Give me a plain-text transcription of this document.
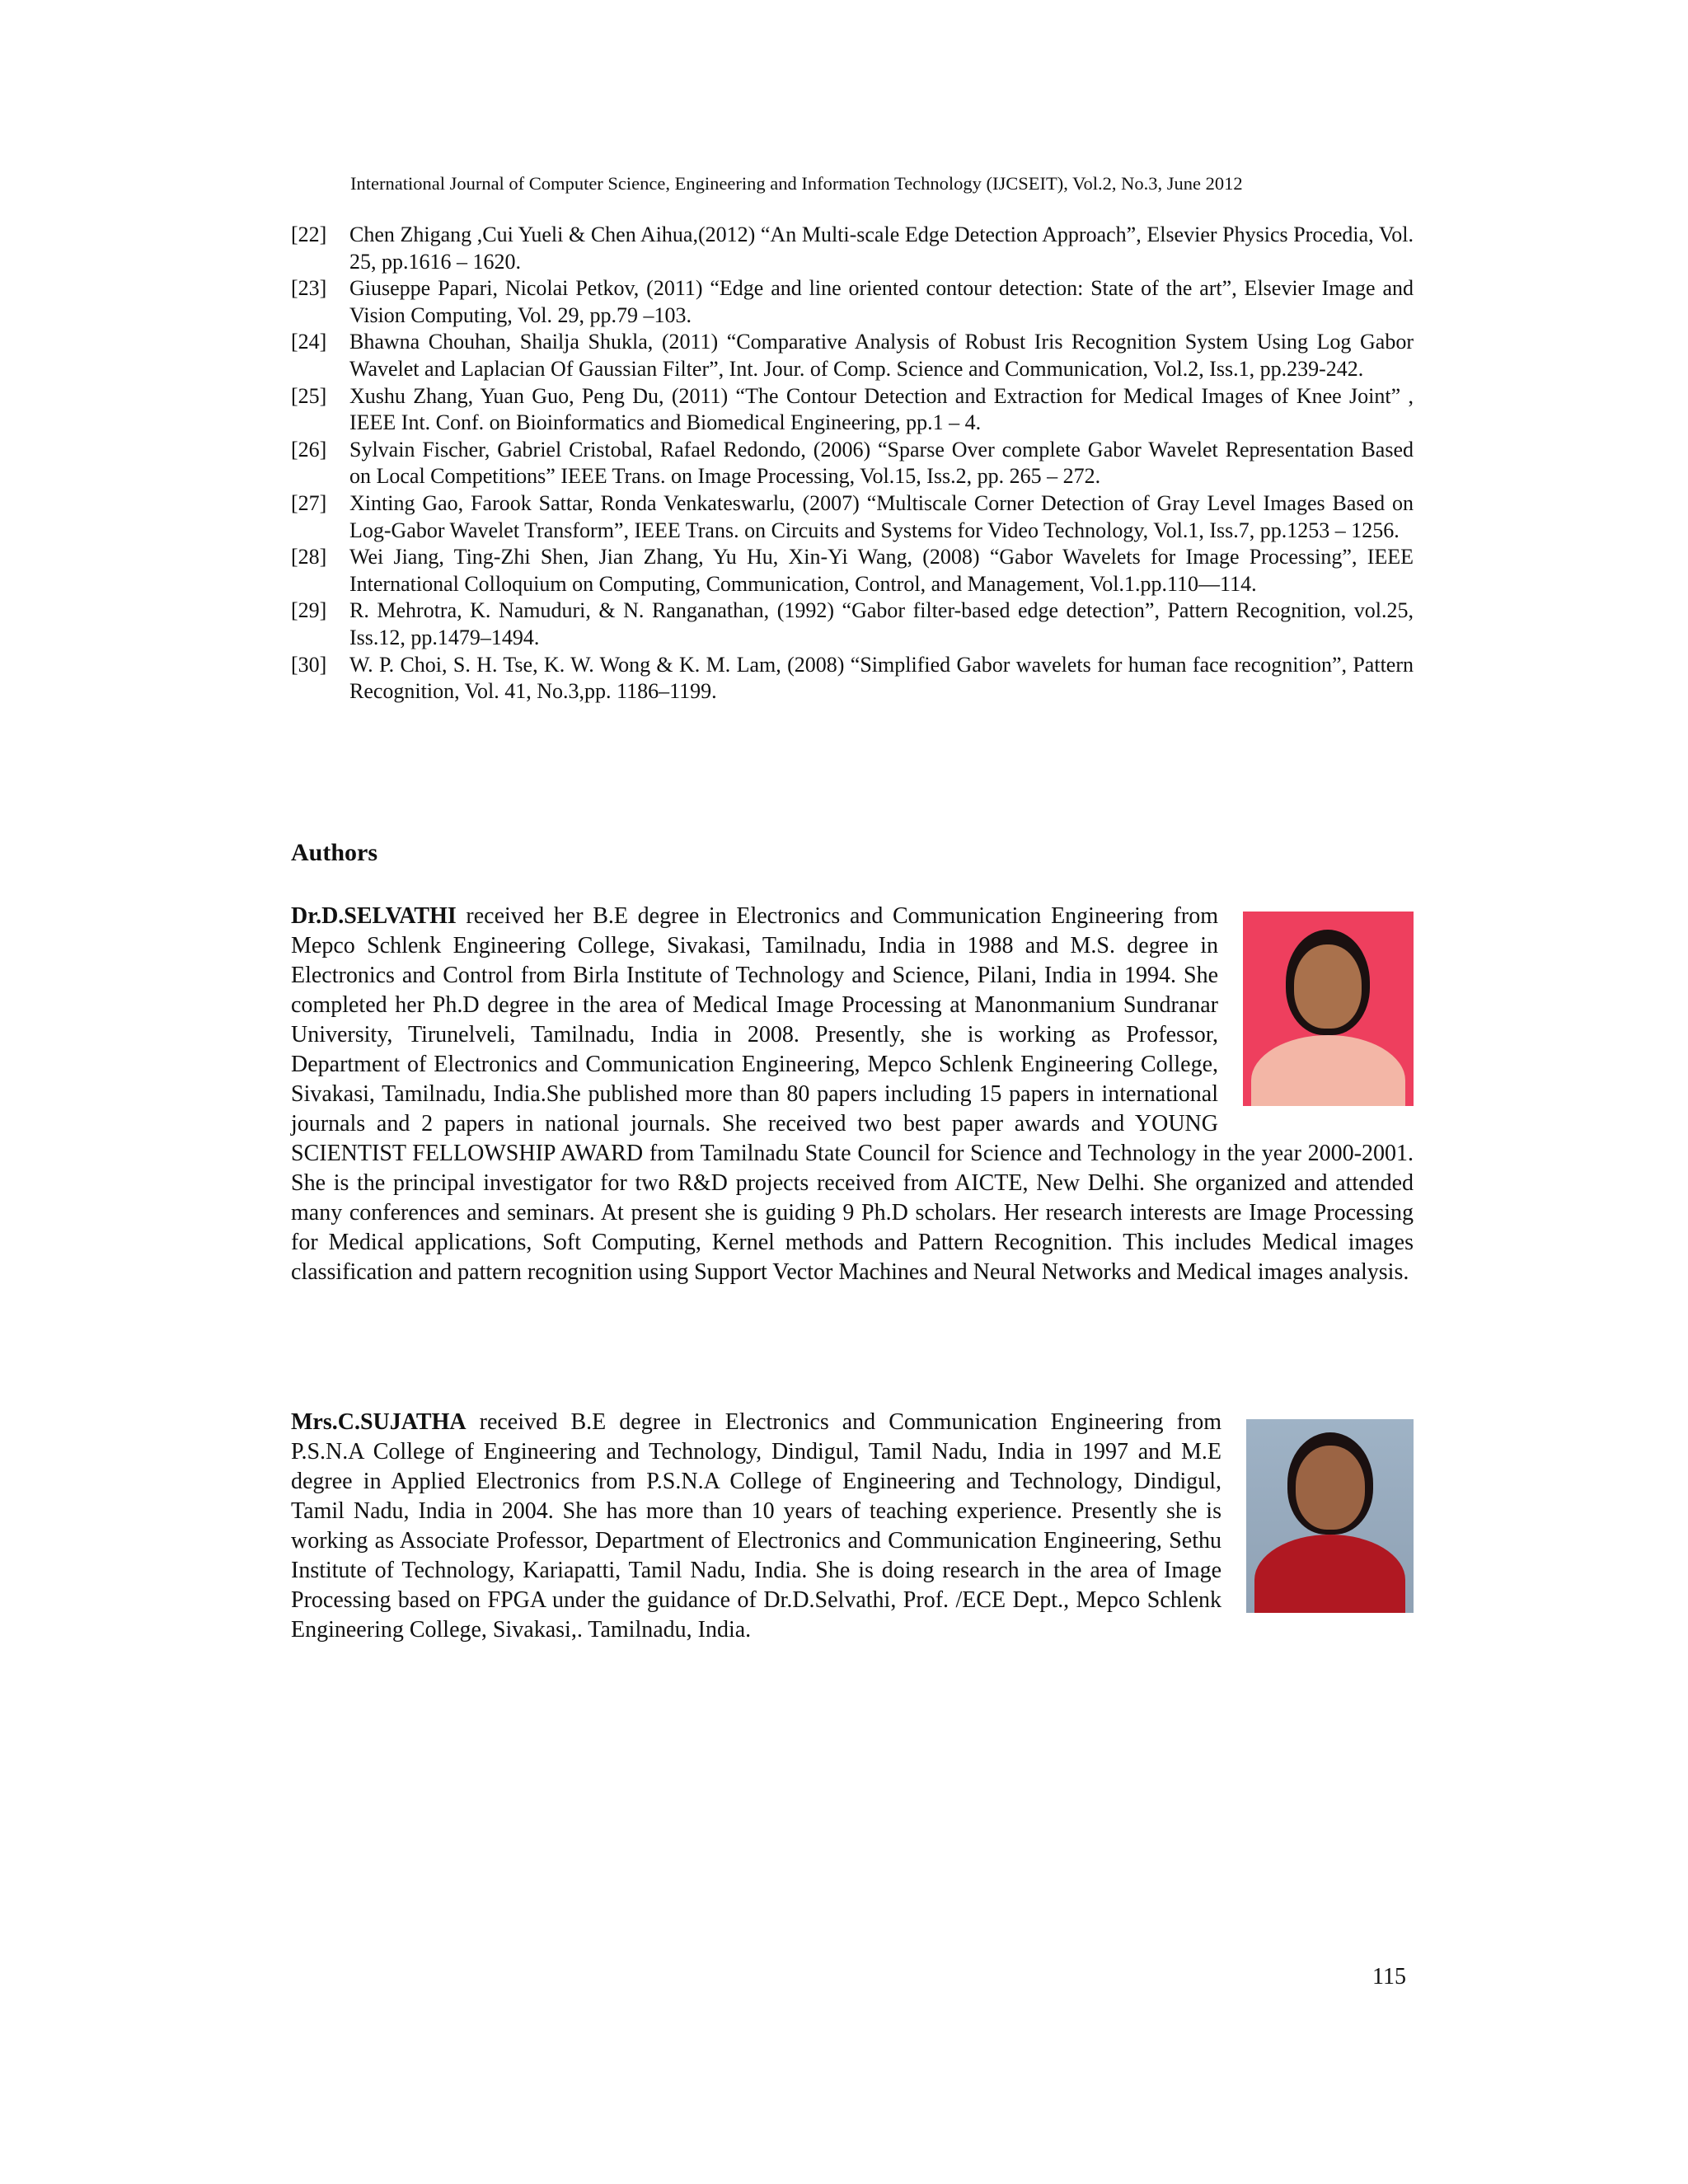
International Journal of Computer Science, Engineering and Information Technology (IJCSEIT), Vol.2, No.3, June 2012
[22]	Chen Zhigang ,Cui Yueli & Chen Aihua,(2012) “An Multi-scale Edge Detection Approach”, Elsevier Physics Procedia, Vol. 25, pp.1616 – 1620.
[23]	Giuseppe Papari, Nicolai Petkov, (2011) “Edge and line oriented contour detection: State of the art”, Elsevier Image and Vision Computing, Vol. 29, pp.79 –103.
[24]	Bhawna Chouhan, Shailja Shukla, (2011) “Comparative Analysis of Robust Iris Recognition System Using Log Gabor Wavelet and Laplacian Of Gaussian Filter”, Int. Jour. of Comp. Science and Communication, Vol.2, Iss.1, pp.239-242.
[25]	Xushu Zhang, Yuan Guo, Peng Du, (2011) “The Contour Detection and Extraction for Medical Images of Knee Joint” , IEEE Int. Conf. on Bioinformatics and Biomedical Engineering, pp.1 – 4.
[26]	Sylvain Fischer, Gabriel Cristobal, Rafael Redondo, (2006) “Sparse Over complete Gabor Wavelet Representation Based on Local Competitions” IEEE Trans. on Image Processing, Vol.15, Iss.2, pp. 265 – 272.
[27]	Xinting Gao, Farook Sattar, Ronda Venkateswarlu, (2007) “Multiscale Corner Detection of Gray Level Images Based on Log-Gabor Wavelet Transform”, IEEE Trans. on Circuits and Systems for Video Technology, Vol.1, Iss.7, pp.1253 – 1256.
[28]	Wei Jiang, Ting-Zhi Shen, Jian Zhang, Yu Hu, Xin-Yi Wang, (2008) “Gabor Wavelets for Image Processing”, IEEE International Colloquium on Computing, Communication, Control, and Management, Vol.1.pp.110—114.
[29]	R. Mehrotra, K. Namuduri, & N. Ranganathan, (1992) “Gabor filter-based edge detection”, Pattern Recognition, vol.25, Iss.12, pp.1479–1494.
[30]	W. P. Choi, S. H. Tse, K. W. Wong & K. M. Lam, (2008) “Simplified Gabor wavelets for human face recognition”, Pattern Recognition, Vol. 41, No.3,pp. 1186–1199.
Authors
Dr.D.SELVATHI received her B.E degree in Electronics and Communication Engineering from Mepco Schlenk Engineering College, Sivakasi, Tamilnadu, India in 1988 and M.S. degree in Electronics and Control from Birla Institute of Technology and Science, Pilani, India in 1994. She completed her Ph.D degree in the area of Medical Image Processing at Manonmanium Sundranar University, Tirunelveli, Tamilnadu, India in 2008. Presently, she is working as Professor, Department of Electronics and Communication Engineering, Mepco Schlenk Engineering College, Sivakasi, Tamilnadu, India.She published more than 80 papers including 15 papers in international journals and 2 papers in national journals. She received two best paper awards and YOUNG SCIENTIST FELLOWSHIP AWARD from Tamilnadu State Council for Science and Technology in the year 2000-2001. She is the principal investigator for two R&D projects received from AICTE, New Delhi. She organized and attended many conferences and seminars. At present she is guiding 9 Ph.D scholars. Her research interests are Image Processing for Medical applications, Soft Computing, Kernel methods and Pattern Recognition. This includes Medical images classification and pattern recognition using Support Vector Machines and Neural Networks and Medical images analysis.
Mrs.C.SUJATHA received B.E degree in Electronics and Communication Engineering from P.S.N.A College of Engineering and Technology, Dindigul, Tamil Nadu, India in 1997 and M.E degree in Applied Electronics from P.S.N.A College of Engineering and Technology, Dindigul, Tamil Nadu, India in 2004. She has more than 10 years of teaching experience. Presently she is working as Associate Professor, Department of Electronics and Communication Engineering, Sethu Institute of Technology, Kariapatti, Tamil Nadu, India. She is doing research in the area of Image Processing based on FPGA under the guidance of Dr.D.Selvathi, Prof. /ECE Dept., Mepco Schlenk Engineering College, Sivakasi,. Tamilnadu, India.
115
